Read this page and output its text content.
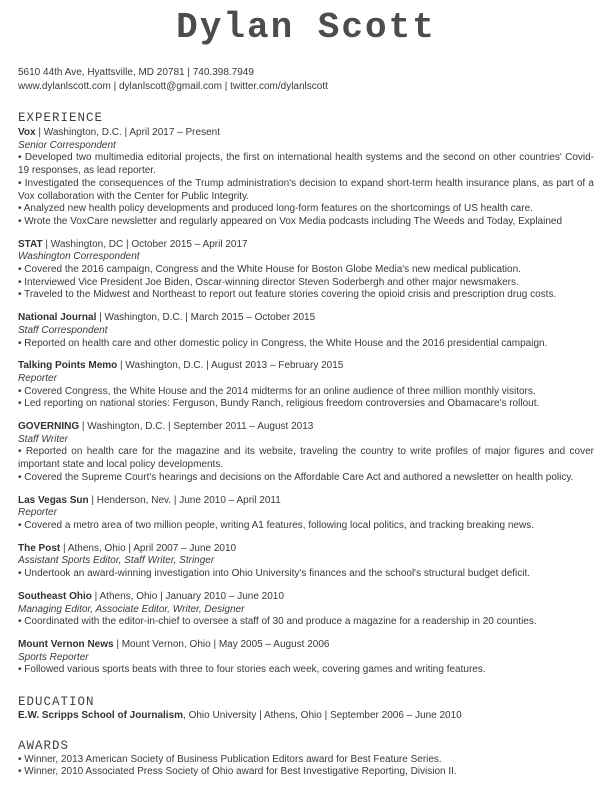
Dylan Scott
5610 44th Ave, Hyattsville, MD 20781 | 740.398.7949
www.dylanlscott.com | dylanlscott@gmail.com | twitter.com/dylanlscott
EXPERIENCE

Vox | Washington, D.C. | April 2017 – Present

Senior Correspondent

• Developed two multimedia editorial projects, the first on international health systems and the second on other countries' Covid-19 responses, as lead reporter.

• Investigated the consequences of the Trump administration's decision to expand short-term health insurance plans, as part of a Vox collaboration with the Center for Public Integrity.

• Analyzed new health policy developments and produced long-form features on the shortcomings of US health care.

• Wrote the VoxCare newsletter and regularly appeared on Vox Media podcasts including The Weeds and Today, Explained

STAT | Washington, DC | October 2015 – April 2017

Washington Correspondent

• Covered the 2016 campaign, Congress and the White House for Boston Globe Media's new medical publication.

• Interviewed Vice President Joe Biden, Oscar-winning director Steven Soderbergh and other major newsmakers.

• Traveled to the Midwest and Northeast to report out feature stories covering the opioid crisis and prescription drug costs.

National Journal | Washington, D.C. | March 2015 – October 2015

Staff Correspondent

• Reported on health care and other domestic policy in Congress, the White House and the 2016 presidential campaign.

Talking Points Memo | Washington, D.C. | August 2013 – February 2015

Reporter

• Covered Congress, the White House and the 2014 midterms for an online audience of three million monthly visitors.

• Led reporting on national stories: Ferguson, Bundy Ranch, religious freedom controversies and Obamacare's rollout.

GOVERNING | Washington, D.C. | September 2011 – August 2013

Staff Writer

• Reported on health care for the magazine and its website, traveling the country to write profiles of major figures and cover important state and local policy developments.

• Covered the Supreme Court's hearings and decisions on the Affordable Care Act and authored a newsletter on health policy.

Las Vegas Sun | Henderson, Nev. | June 2010 – April 2011

Reporter

• Covered a metro area of two million people, writing A1 features, following local politics, and tracking breaking news.

The Post | Athens, Ohio | April 2007 – June 2010

Assistant Sports Editor, Staff Writer, Stringer

• Undertook an award-winning investigation into Ohio University's finances and the school's structural budget deficit.

Southeast Ohio | Athens, Ohio | January 2010 – June 2010

Managing Editor, Associate Editor, Writer, Designer

• Coordinated with the editor-in-chief to oversee a staff of 30 and produce a magazine for a readership in 20 counties.

Mount Vernon News | Mount Vernon, Ohio | May 2005 – August 2006

Sports Reporter

• Followed various sports beats with three to four stories each week, covering games and writing features.

EDUCATION

E.W. Scripps School of Journalism, Ohio University | Athens, Ohio | September 2006 – June 2010

AWARDS

• Winner, 2013 American Society of Business Publication Editors award for Best Feature Series.

• Winner, 2010 Associated Press Society of Ohio award for Best Investigative Reporting, Division II.
